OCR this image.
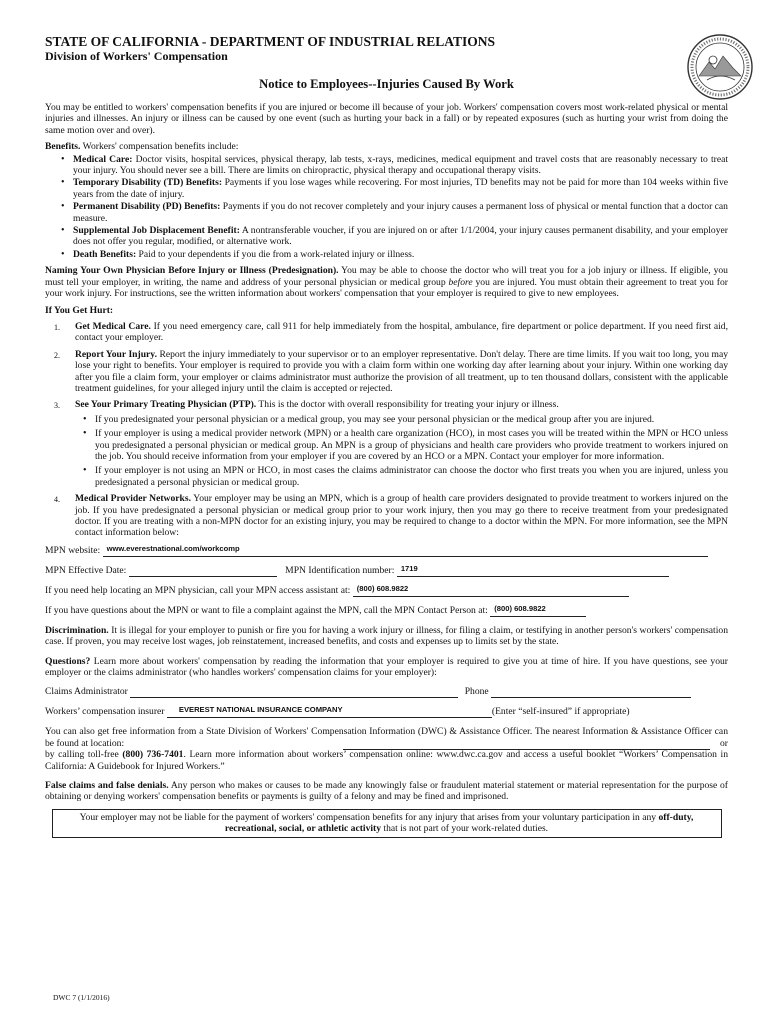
STATE OF CALIFORNIA - DEPARTMENT OF INDUSTRIAL RELATIONS
Division of Workers' Compensation
Notice to Employees--Injuries Caused By Work

You may be entitled to workers' compensation benefits if you are injured or become ill because of your job. Workers' compensation covers most work-related physical or mental injuries and illnesses. An injury or illness can be caused by one event (such as hurting your back in a fall) or by repeated exposures (such as hurting your wrist from doing the same motion over and over).

Benefits. Workers' compensation benefits include:

• Medical Care: Doctor visits, hospital services, physical therapy, lab tests, x-rays, medicines, medical equipment and travel costs that are reasonably necessary to treat your injury. You should never see a bill. There are limits on chiropractic, physical therapy and occupational therapy visits.
• Temporary Disability (TD) Benefits: Payments if you lose wages while recovering. For most injuries, TD benefits may not be paid for more than 104 weeks within five years from the date of injury.
• Permanent Disability (PD) Benefits: Payments if you do not recover completely and your injury causes a permanent loss of physical or mental function that a doctor can measure.
• Supplemental Job Displacement Benefit: A nontransferable voucher, if you are injured on or after 1/1/2004, your injury causes permanent disability, and your employer does not offer you regular, modified, or alternative work.
• Death Benefits: Paid to your dependents if you die from a work-related injury or illness.

Naming Your Own Physician Before Injury or Illness (Predesignation). You may be able to choose the doctor who will treat you for a job injury or illness. If eligible, you must tell your employer, in writing, the name and address of your personal physician or medical group before you are injured. You must obtain their agreement to treat you for your work injury. For instructions, see the written information about workers' compensation that your employer is required to give to new employees.

If You Get Hurt:

1. Get Medical Care. If you need emergency care, call 911 for help immediately from the hospital, ambulance, fire department or police department. If you need first aid, contact your employer.

2. Report Your Injury. Report the injury immediately to your supervisor or to an employer representative. Don't delay. There are time limits. If you wait too long, you may lose your right to benefits. Your employer is required to provide you with a claim form within one working day after learning about your injury. Within one working day after you file a claim form, your employer or claims administrator must authorize the provision of all treatment, up to ten thousand dollars, consistent with the applicable treatment guidelines, for your alleged injury until the claim is accepted or rejected.

3. See Your Primary Treating Physician (PTP). This is the doctor with overall responsibility for treating your injury or illness.

• If you predesignated your personal physician or a medical group, you may see your personal physician or the medical group after you are injured.
• If your employer is using a medical provider network (MPN) or a health care organization (HCO), in most cases you will be treated within the MPN or HCO unless you predesignated a personal physician or medical group. An MPN is a group of physicians and health care providers who provide treatment to workers injured on the job. You should receive information from your employer if you are covered by an HCO or a MPN. Contact your employer for more information.
• If your employer is not using an MPN or HCO, in most cases the claims administrator can choose the doctor who first treats you when you are injured, unless you predesignated a personal physician or medical group.
4. Medical Provider Networks. Your employer may be using an MPN, which is a group of health care providers designated to provide treatment to workers injured on the job. If you have predesignated a personal physician or medical group prior to your work injury, then you may go there to receive treatment from your predesignated doctor. If you are treating with a non-MPN doctor for an existing injury, you may be required to change to a doctor within the MPN. For more information, see the MPN contact information below:

MPN website: www.everestnational.com/workcomp
MPN Effective Date:	MPN Identification number: 1719
If you need help locating an MPN physician, call your MPN access assistant at: (800) 608.9822
If you have questions about the MPN or want to file a complaint against the MPN, call the MPN Contact Person at: (800) 608.9822

Discrimination. It is illegal for your employer to punish or fire you for having a work injury or illness, for filing a claim, or testifying in another person's workers' compensation case. If proven, you may receive lost wages, job reinstatement, increased benefits, and costs and expenses up to limits set by the state.

Questions? Learn more about workers' compensation by reading the information that your employer is required to give you at time of hire. If you have questions, see your employer or the claims administrator (who handles workers' compensation claims for your employer):

Claims Administrator	Phone
Workers’ compensation insurer EVEREST NATIONAL INSURANCE COMPANY	(Enter “self-insured” if appropriate)

You can also get free information from a State Division of Workers' Compensation Information (DWC) & Assistance Officer. The nearest Information & Assistance Officer can be found at location:	or

by calling toll-free (800) 736-7401. Learn more information about workers’ compensation online: www.dwc.ca.gov and access a useful booklet “Workers’ Compensation in California: A Guidebook for Injured Workers.”

False claims and false denials. Any person who makes or causes to be made any knowingly false or fraudulent material statement or material representation for the purpose of obtaining or denying workers' compensation benefits or payments is guilty of a felony and may be fined and imprisoned.

Your employer may not be liable for the payment of workers' compensation benefits for any injury that arises from your voluntary participation in any off-duty, recreational, social, or athletic activity that is not part of your work-related duties.
DWC 7 (1/1/2016)
